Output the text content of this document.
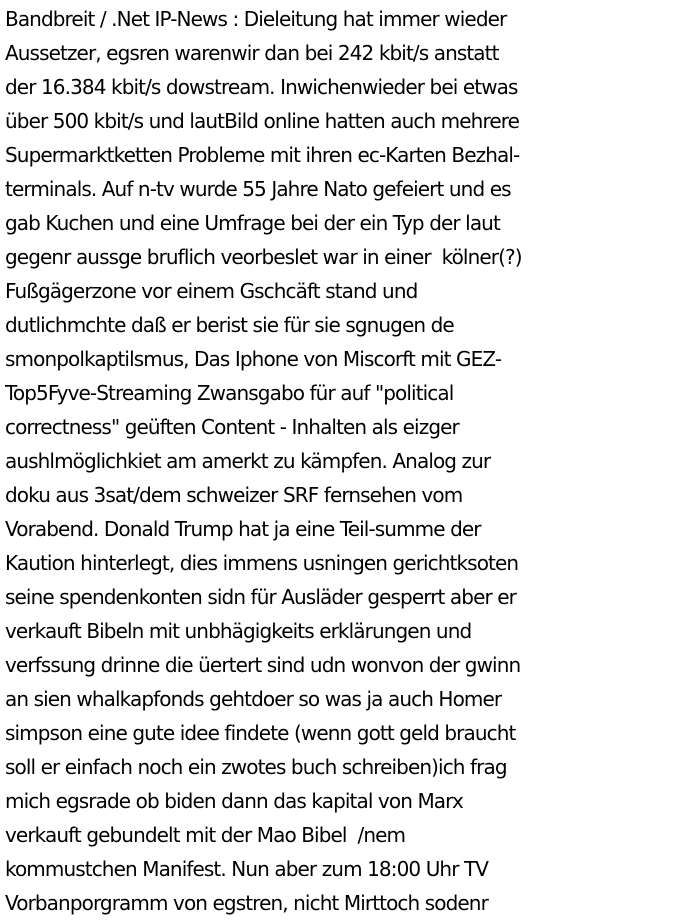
Bandbreit / .Net IP-News : Dieleitung hat immer wieder
Aussetzer, egsren warenwir dan bei 242 kbit/s anstatt
der 16.384 kbit/s dowstream. Inwichenwieder bei etwas
über 500 kbit/s und lautBild online hatten auch mehrere
Supermarktketten Probleme mit ihren ec-Karten Bezhal-
terminals. Auf n-tv wurde 55 Jahre Nato gefeiert und es
gab Kuchen und eine Umfrage bei der ein Typ der laut
gegenr aussge bruflich veorbeslet war in einer  kölner(?)
Fußgägerzone vor einem Gschcäft stand und
dutlichmchte daß er berist sie für sie sgnugen de
smonpolkaptilsmus, Das Iphone von Miscorft mit GEZ-
Top5Fyve-Streaming Zwansgabo für auf "political
correctness" geüften Content - Inhalten als eizger
aushlmöglichkiet am amerkt zu kämpfen. Analog zur
doku aus 3sat/dem schweizer SRF fernsehen vom
Vorabend. Donald Trump hat ja eine Teil-summe der
Kaution hinterlegt, dies immens usningen gerichtksoten
seine spendenkonten sidn für Ausläder gesperrt aber er
verkauft Bibeln mit unbhägigkeits erklärungen und
verfssung drinne die üertert sind udn wonvon der gwinn
an sien whalkapfonds gehtdoer so was ja auch Homer
simpson eine gute idee findete (wenn gott geld braucht
soll er einfach noch ein zwotes buch schreiben)ich frag
mich egsrade ob biden dann das kapital von Marx
verkauft gebundelt mit der Mao Bibel  /nem
kommustchen Manifest. Nun aber zum 18:00 Uhr TV
Vorbanporgramm von egstren, nicht Mirttoch sodenr
